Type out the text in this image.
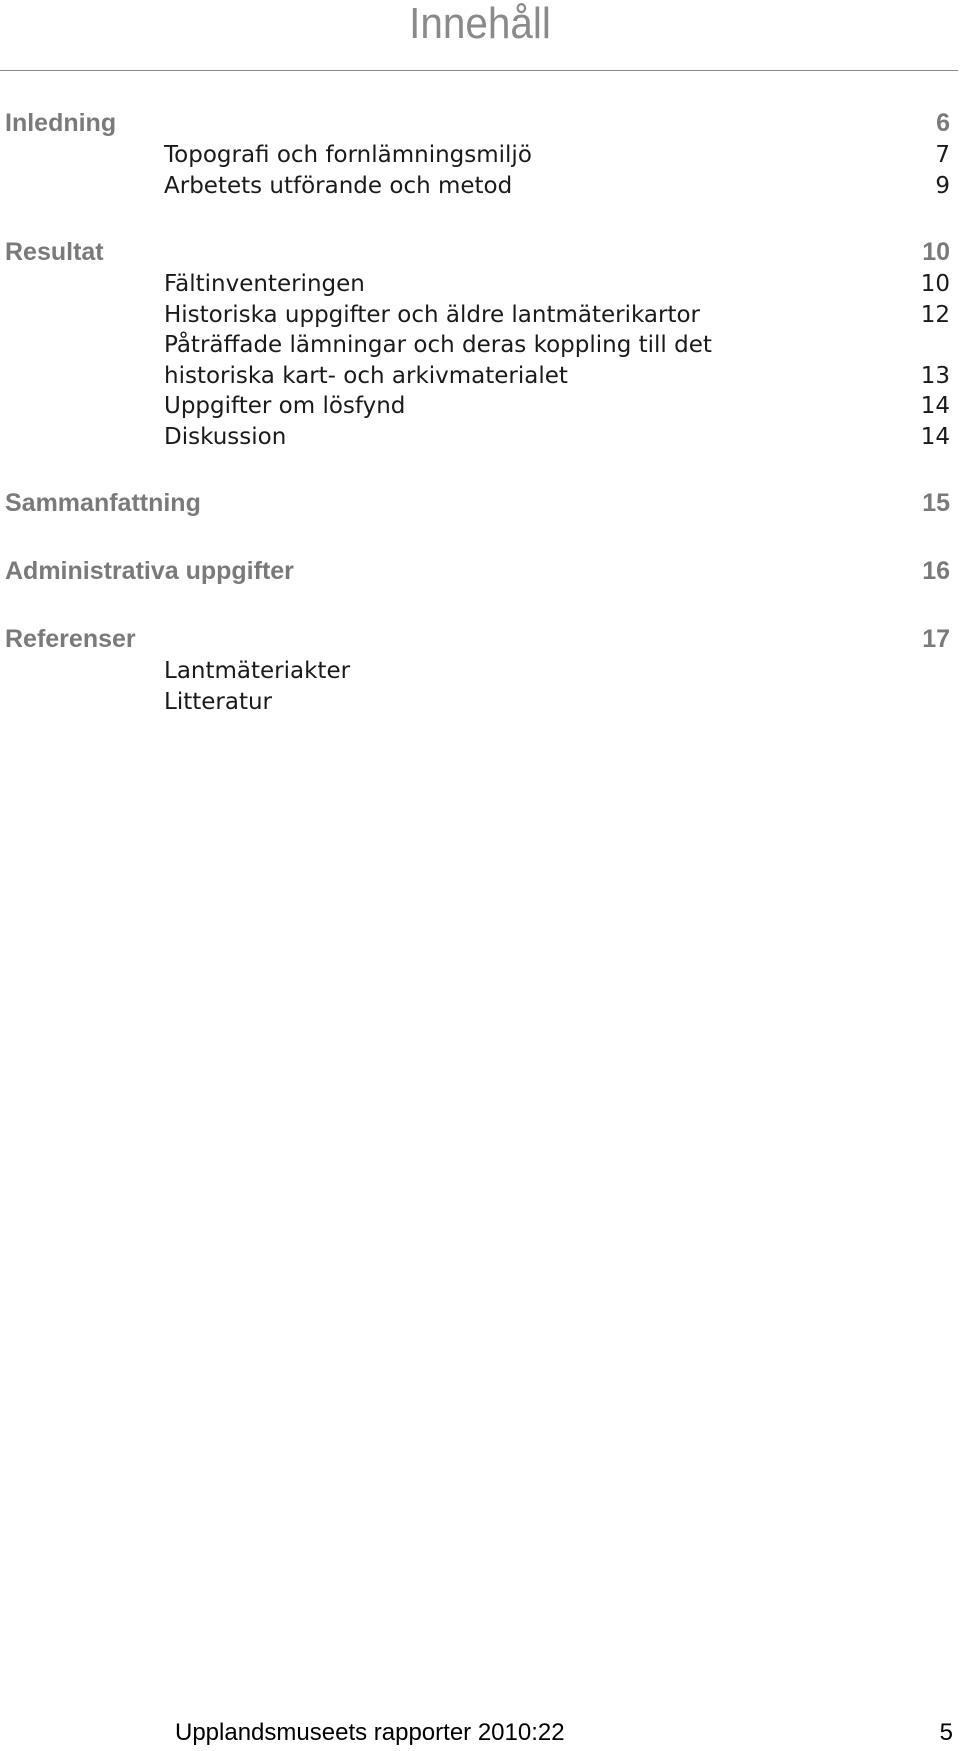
Innehåll
Inledning	6
Topografi och fornlämningsmiljö	7
Arbetets utförande och metod	9
Resultat	10
Fältinventeringen	10
Historiska uppgifter och äldre lantmäterikartor	12
Påträffade lämningar och deras koppling till det historiska kart- och arkivmaterialet	13
Uppgifter om lösfynd	14
Diskussion	14
Sammanfattning	15
Administrativa uppgifter	16
Referenser	17
Lantmäteriakter
Litteratur
Upplandsmuseets rapporter 2010:22	5
